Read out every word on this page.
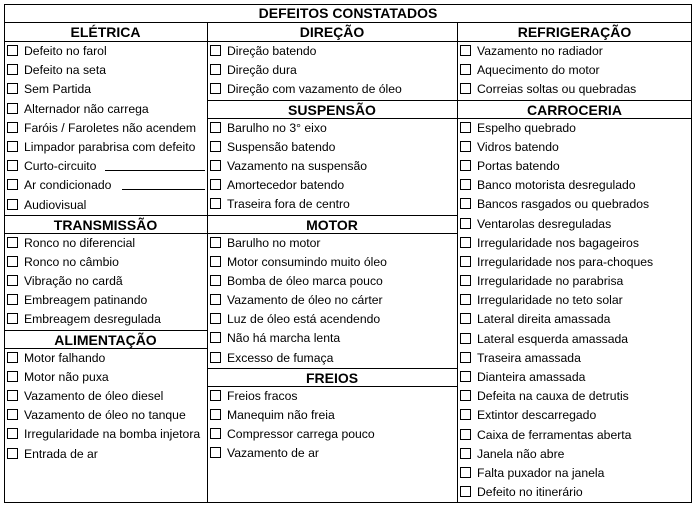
DEFEITOS CONSTATADOS
ELÉTRICA
Defeito no farol
Defeito na seta
Sem Partida
Alternador não carrega
Faróis / Faroletes não acendem
Limpador parabrisa com defeito
Curto-circuito
Ar condicionado
Audiovisual
TRANSMISSÃO
Ronco no diferencial
Ronco no câmbio
Vibração no cardã
Embreagem patinando
Embreagem desregulada
ALIMENTAÇÃO
Motor falhando
Motor não puxa
Vazamento de óleo diesel
Vazamento de óleo no tanque
Irregularidade na bomba injetora
Entrada de ar
DIREÇÃO
Direção batendo
Direção dura
Direção com vazamento de óleo
SUSPENSÃO
Barulho no 3° eixo
Suspensão batendo
Vazamento na suspensão
Amortecedor batendo
Traseira fora de centro
MOTOR
Barulho no motor
Motor consumindo muito óleo
Bomba de óleo marca pouco
Vazamento de óleo no cárter
Luz de óleo está acendendo
Não há marcha lenta
Excesso de fumaça
FREIOS
Freios fracos
Manequim não freia
Compressor carrega pouco
Vazamento de ar
REFRIGERAÇÃO
Vazamento no radiador
Aquecimento do motor
Correias soltas ou quebradas
CARROCERIA
Espelho quebrado
Vidros batendo
Portas batendo
Banco motorista desregulado
Bancos rasgados ou quebrados
Ventarolas desreguladas
Irregularidade nos bagageiros
Irregularidade nos para-choques
Irregularidade no parabrisa
Irregularidade no teto solar
Lateral direita amassada
Lateral esquerda amassada
Traseira amassada
Dianteira amassada
Defeita na cauxa de detrutis
Extintor descarregado
Caixa de ferramentas aberta
Janela não abre
Falta puxador na janela
Defeito no itinerário
